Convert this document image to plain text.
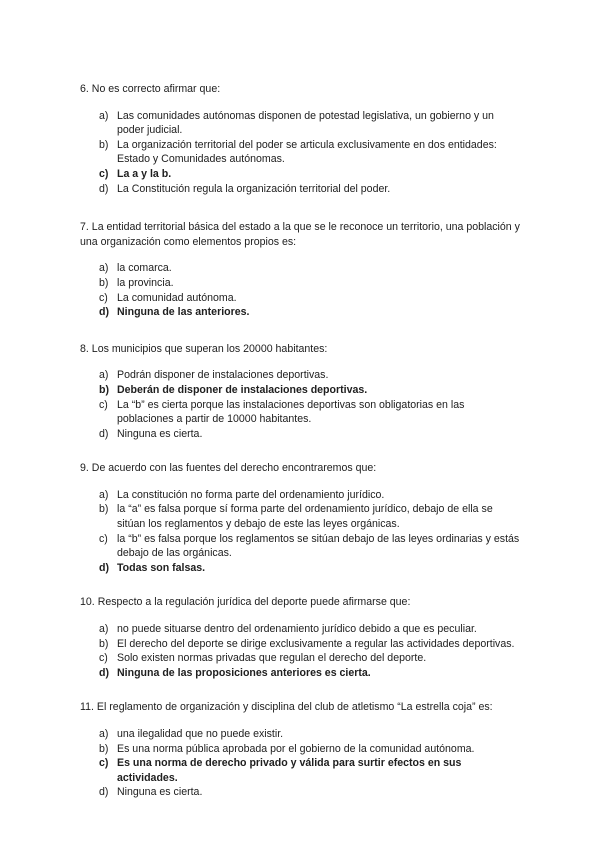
6. No es correcto afirmar que:

a) Las comunidades autónomas disponen de potestad legislativa, un gobierno y un poder judicial.
b) La organización territorial del poder se articula exclusivamente en dos entidades: Estado y Comunidades autónomas.
c) La a y la b.
d) La Constitución regula la organización territorial del poder.

7. La entidad territorial básica del estado a la que se le reconoce un territorio, una población y una organización como elementos propios es:

a) la comarca.
b) la provincia.
c) La comunidad autónoma.
d) Ninguna de las anteriores.

8. Los municipios que superan los 20000 habitantes:

a) Podrán disponer de instalaciones deportivas.
b) Deberán de disponer de instalaciones deportivas.
c) La “b” es cierta porque las instalaciones deportivas son obligatorias en las poblaciones a partir de 10000 habitantes.
d) Ninguna es cierta.

9. De acuerdo con las fuentes del derecho encontraremos que:

a) La constitución no forma parte del ordenamiento jurídico.
b) la “a” es falsa porque sí forma parte del ordenamiento jurídico, debajo de ella se sitúan los reglamentos y debajo de este las leyes orgánicas.
c) la “b” es falsa porque los reglamentos se sitúan debajo de las leyes ordinarias y estás debajo de las orgánicas.
d) Todas son falsas.

10. Respecto a la regulación jurídica del deporte puede afirmarse que:

a) no puede situarse dentro del ordenamiento jurídico debido a que es peculiar.
b) El derecho del deporte se dirige exclusivamente a regular las actividades deportivas.
c) Solo existen normas privadas que regulan el derecho del deporte.
d) Ninguna de las proposiciones anteriores es cierta.

11. El reglamento de organización y disciplina del club de atletismo “La estrella coja” es:

a) una ilegalidad que no puede existir.
b) Es una norma pública aprobada por el gobierno de la comunidad autónoma.
c) Es una norma de derecho privado y válida para surtir efectos en sus actividades.
d) Ninguna es cierta.
